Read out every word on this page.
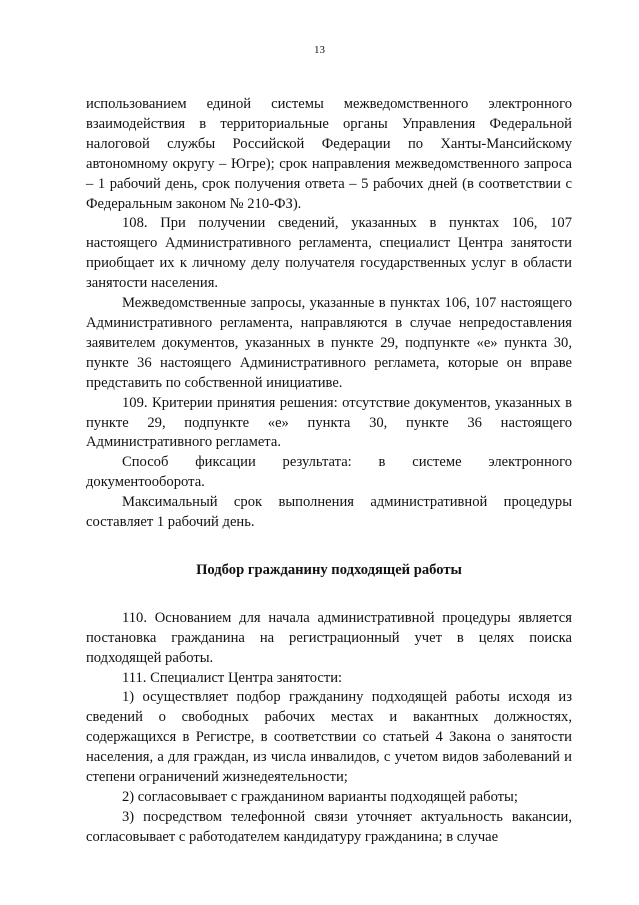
13

использованием единой системы межведомственного электронного взаимодействия в территориальные органы Управления Федеральной налоговой службы Российской Федерации по Ханты-Мансийскому автономному округу – Югре); срок направления межведомственного запроса – 1 рабочий день, срок получения ответа – 5 рабочих дней (в соответствии с Федеральным законом № 210-ФЗ).

108. При получении сведений, указанных в пунктах 106, 107 настоящего Административного регламента, специалист Центра занятости приобщает их к личному делу получателя государственных услуг в области занятости населения.

Межведомственные запросы, указанные в пунктах 106, 107 настоящего Административного регламента, направляются в случае непредоставления заявителем документов, указанных в пункте 29, подпункте «е» пункта 30, пункте 36 настоящего Административного регламета, которые он вправе представить по собственной инициативе.

109. Критерии принятия решения: отсутствие документов, указанных в пункте 29, подпункте «е» пункта 30, пункте 36 настоящего Административного регламета.

Способ фиксации результата: в системе электронного документооборота.

Максимальный срок выполнения административной процедуры составляет 1 рабочий день.

Подбор гражданину подходящей работы

110. Основанием для начала административной процедуры является постановка гражданина на регистрационный учет в целях поиска подходящей работы.

111. Специалист Центра занятости:

1) осуществляет подбор гражданину подходящей работы исходя из сведений о свободных рабочих местах и вакантных должностях, содержащихся в Регистре, в соответствии со статьей 4 Закона о занятости населения, а для граждан, из числа инвалидов, с учетом видов заболеваний и степени ограничений жизнедеятельности;

2) согласовывает с гражданином варианты подходящей работы;

3) посредством телефонной связи уточняет актуальность вакансии, согласовывает с работодателем кандидатуру гражданина; в случае
